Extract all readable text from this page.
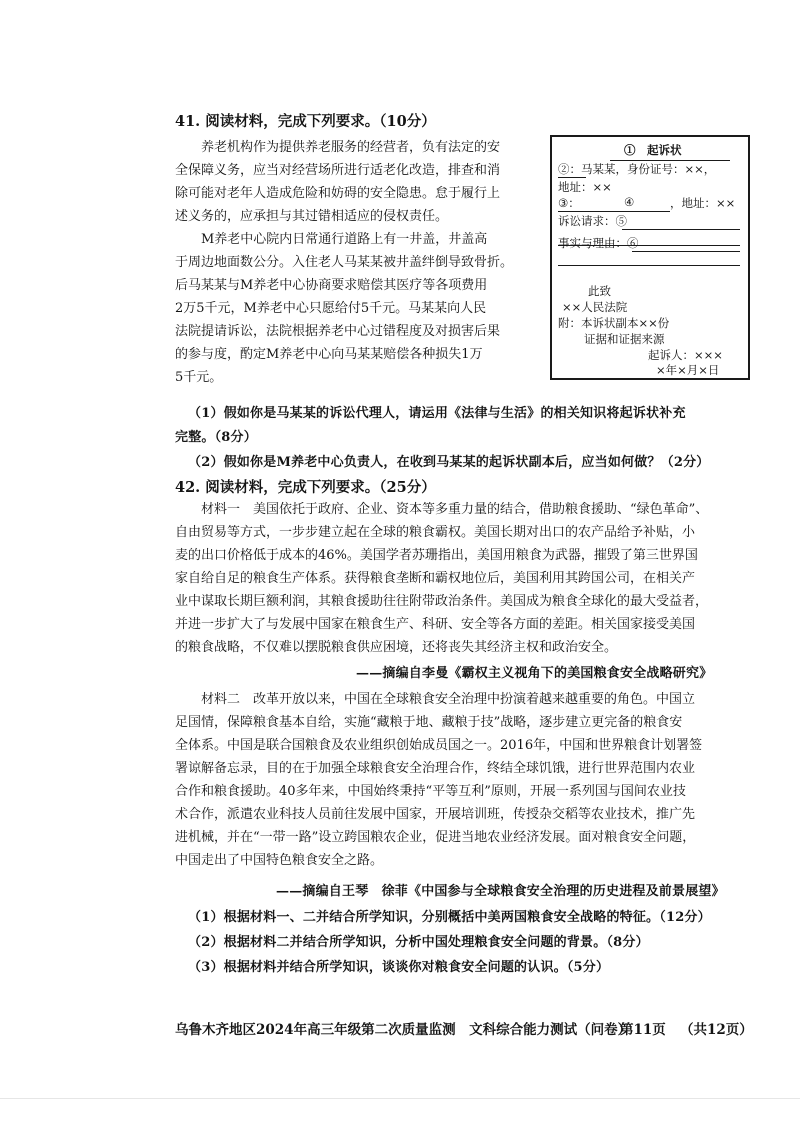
41. 阅读材料，完成下列要求。（10分）
养老机构作为提供养老服务的经营者，负有法定的安
全保障义务，应当对经营场所进行适老化改造，排查和消
除可能对老年人造成危险和妨碍的安全隐患。怠于履行上
述义务的，应承担与其过错相适应的侵权责任。
M养老中心院内日常通行道路上有一井盖，井盖高
于周边地面数公分。入住老人马某某被井盖绊倒导致骨折。
后马某某与M养老中心协商要求赔偿其医疗等各项费用
2万5千元，M养老中心只愿给付5千元。马某某向人民
法院提请诉讼，法院根据养老中心过错程度及对损害后果
的参与度，酌定M养老中心向马某某赔偿各种损失1万
5千元。
①　起诉状
②：马某某，身份证号：××，
地址：××
③：	④	，地址：××
诉讼请求：⑤
事实与理由：⑥
此致
××人民法院
附：本诉状副本××份
证据和证据来源
起诉人：×××
×年×月×日
（1）假如你是马某某的诉讼代理人，请运用《法律与生活》的相关知识将起诉状补充
完整。（8分）
（2）假如你是M养老中心负责人，在收到马某某的起诉状副本后，应当如何做？（2分）
42. 阅读材料，完成下列要求。（25分）
材料一　美国依托于政府、企业、资本等多重力量的结合，借助粮食援助、“绿色革命”、
自由贸易等方式，一步步建立起在全球的粮食霸权。美国长期对出口的农产品给予补贴，小
麦的出口价格低于成本的46%。美国学者苏珊指出，美国用粮食为武器，摧毁了第三世界国
家自给自足的粮食生产体系。获得粮食垄断和霸权地位后，美国利用其跨国公司，在相关产
业中谋取长期巨额利润，其粮食援助往往附带政治条件。美国成为粮食全球化的最大受益者，
并进一步扩大了与发展中国家在粮食生产、科研、安全等各方面的差距。相关国家接受美国
的粮食战略，不仅难以摆脱粮食供应困境，还将丧失其经济主权和政治安全。
——摘编自李曼《霸权主义视角下的美国粮食安全战略研究》
材料二　改革开放以来，中国在全球粮食安全治理中扮演着越来越重要的角色。中国立
足国情，保障粮食基本自给，实施“藏粮于地、藏粮于技”战略，逐步建立更完备的粮食安
全体系。中国是联合国粮食及农业组织创始成员国之一。2016年，中国和世界粮食计划署签
署谅解备忘录，目的在于加强全球粮食安全治理合作，终结全球饥饿，进行世界范围内农业
合作和粮食援助。40多年来，中国始终秉持“平等互利”原则，开展一系列国与国间农业技
术合作，派遣农业科技人员前往发展中国家，开展培训班，传授杂交稻等农业技术，推广先
进机械，并在“一带一路”设立跨国粮农企业，促进当地农业经济发展。面对粮食安全问题，
中国走出了中国特色粮食安全之路。
——摘编自王琴　徐菲《中国参与全球粮食安全治理的历史进程及前景展望》
（1）根据材料一、二并结合所学知识，分别概括中美两国粮食安全战略的特征。（12分）
（2）根据材料二并结合所学知识，分析中国处理粮食安全问题的背景。（8分）
（3）根据材料并结合所学知识，谈谈你对粮食安全问题的认识。（5分）
乌鲁木齐地区2024年高三年级第二次质量监测　文科综合能力测试（问卷）
第11页 （共12页）
